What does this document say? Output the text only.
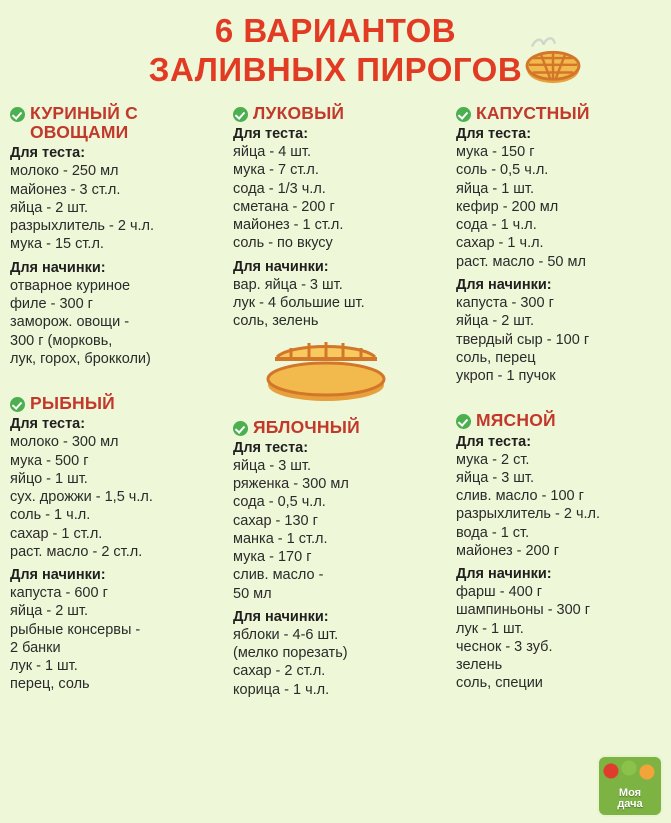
6 ВАРИАНТОВ
ЗАЛИВНЫХ ПИРОГОВ
КУРИНЫЙ С ОВОЩАМИ
Для теста:
молоко - 250 мл
майонез - 3 ст.л.
яйца - 2 шт.
разрыхлитель - 2 ч.л.
мука - 15 ст.л.
Для начинки:
отварное куриное
филе - 300 г
заморож. овощи -
300 г (морковь,
лук, горох, брокколи)
РЫБНЫЙ
Для теста:
молоко - 300 мл
мука - 500 г
яйцо - 1 шт.
сух. дрожжи - 1,5 ч.л.
соль - 1 ч.л.
сахар - 1 ст.л.
раст. масло - 2 ст.л.
Для начинки:
капуста - 600 г
яйца - 2 шт.
рыбные консервы -
2 банки
лук - 1 шт.
перец, соль
ЛУКОВЫЙ
Для теста:
яйца - 4 шт.
мука - 7 ст.л.
сода - 1/3 ч.л.
сметана - 200 г
майонез - 1 ст.л.
соль - по вкусу
Для начинки:
вар. яйца - 3 шт.
лук - 4 большие шт.
соль, зелень
ЯБЛОЧНЫЙ
Для теста:
яйца - 3 шт.
ряженка - 300 мл
сода - 0,5 ч.л.
сахар - 130 г
манка - 1 ст.л.
мука - 170 г
слив. масло -
50 мл
Для начинки:
яблоки - 4-6 шт.
(мелко порезать)
сахар - 2 ст.л.
корица - 1 ч.л.
КАПУСТНЫЙ
Для теста:
мука - 150 г
соль - 0,5 ч.л.
яйца - 1 шт.
кефир - 200 мл
сода - 1 ч.л.
сахар - 1 ч.л.
раст. масло - 50 мл
Для начинки:
капуста - 300 г
яйца - 2 шт.
твердый сыр - 100 г
соль, перец
укроп - 1 пучок
МЯСНОЙ
Для теста:
мука - 2 ст.
яйца - 3 шт.
слив. масло - 100 г
разрыхлитель - 2 ч.л.
вода - 1 ст.
майонез - 200 г
Для начинки:
фарш - 400 г
шампиньоны - 300 г
лук - 1 шт.
чеснок - 3 зуб.
зелень
соль, специи
Моя
дача
